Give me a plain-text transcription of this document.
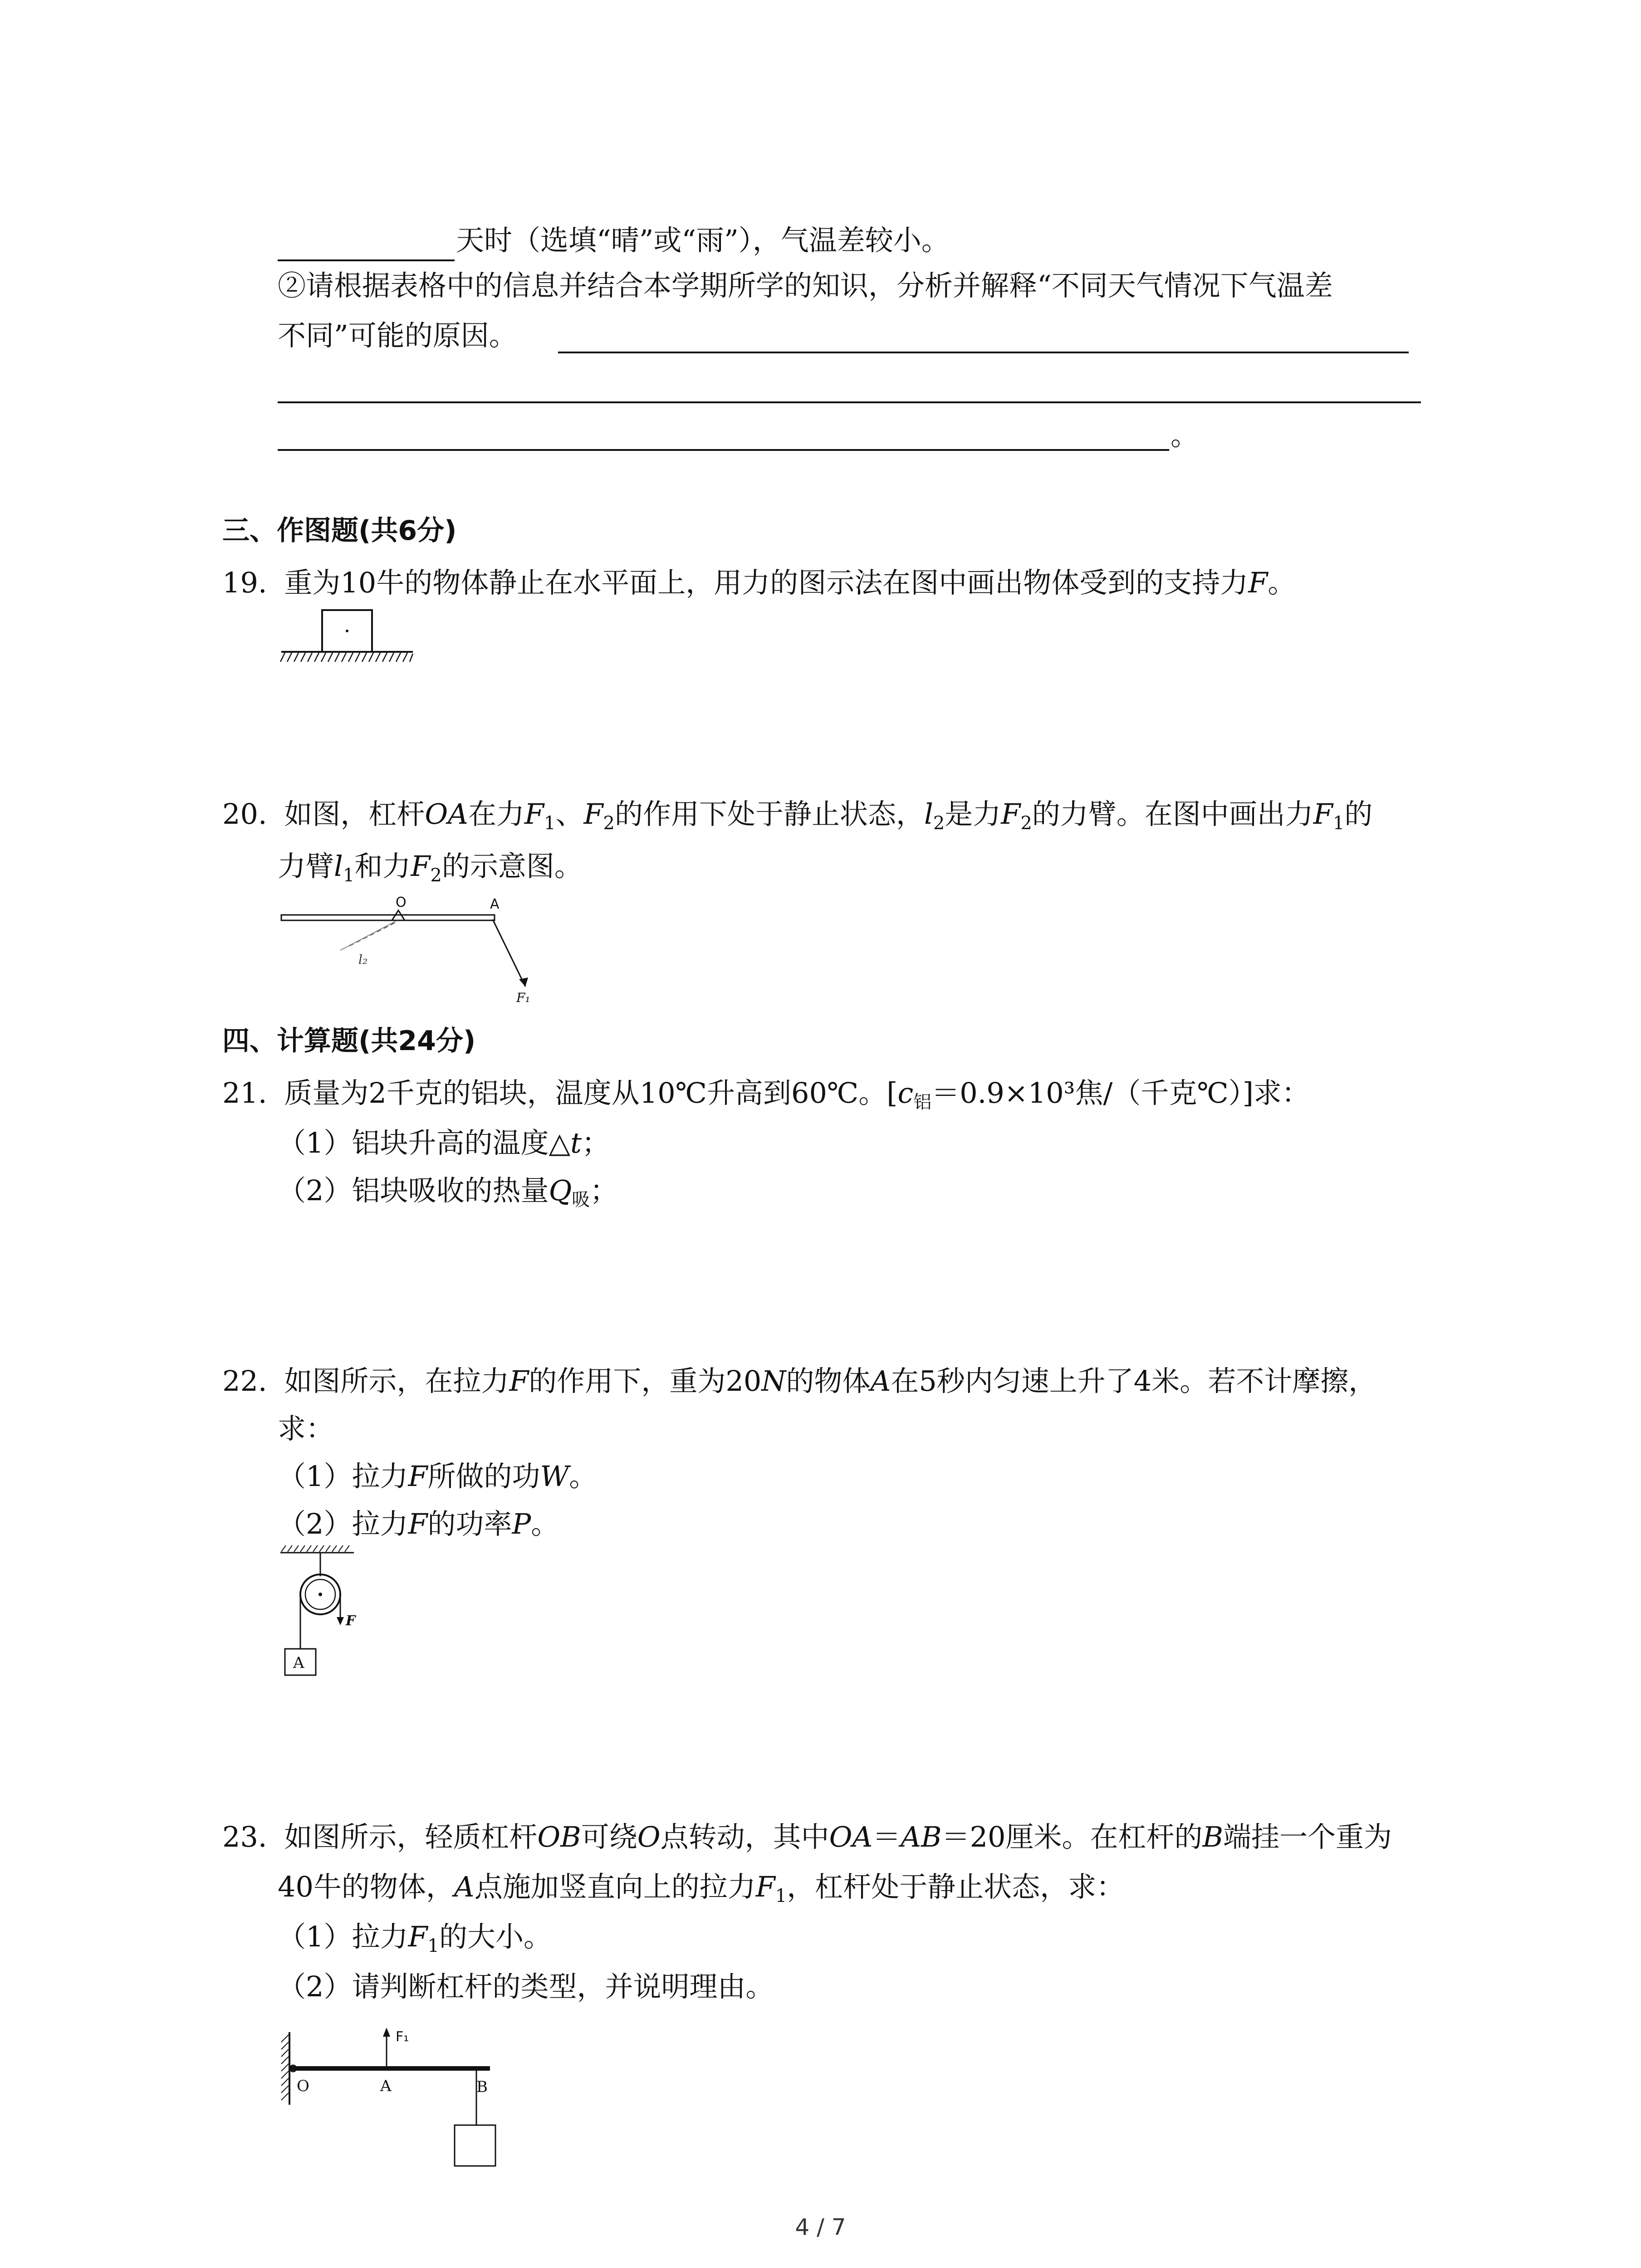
天时（选填“晴”或“雨”），气温差较小。
②请根据表格中的信息并结合本学期所学的知识，分析并解释“不同天气情况下气温差
不同”可能的原因。
。
三、作图题(共6分)
19. 重为10牛的物体静止在水平面上，用力的图示法在图中画出物体受到的支持力F。
20. 如图，杠杆OA在力$F_1$、$F_2$的作用下处于静止状态，$l_2$是力$F_2$的力臂。在图中画出力$F_1$的
力臂$l_1$和力$F_2$的示意图。
O	A
l₂
F₁
四、计算题(共24分)
21. 质量为2千克的铝块，温度从10℃升高到60℃。[$c_铝=0.9\times 10^3$焦/（千克℃）]求：
（1）铝块升高的温度△t；
（2）铝块吸收的热量$Q_吸$；
22. 如图所示，在拉力F的作用下，重为20N的物体A在5秒内匀速上升了4米。若不计摩擦，
求：
（1）拉力F所做的功W。
（2）拉力F的功率P。
A
F
23. 如图所示，轻质杠杆OB可绕O点转动，其中OA＝AB＝20厘米。在杠杆的B端挂一个重为
40牛的物体，A点施加竖直向上的拉力$F_1$，杠杆处于静止状态，求：
（1）拉力$F_1$的大小。
（2）请判断杠杆的类型，并说明理由。
F₁
O	A	B
4 / 7
